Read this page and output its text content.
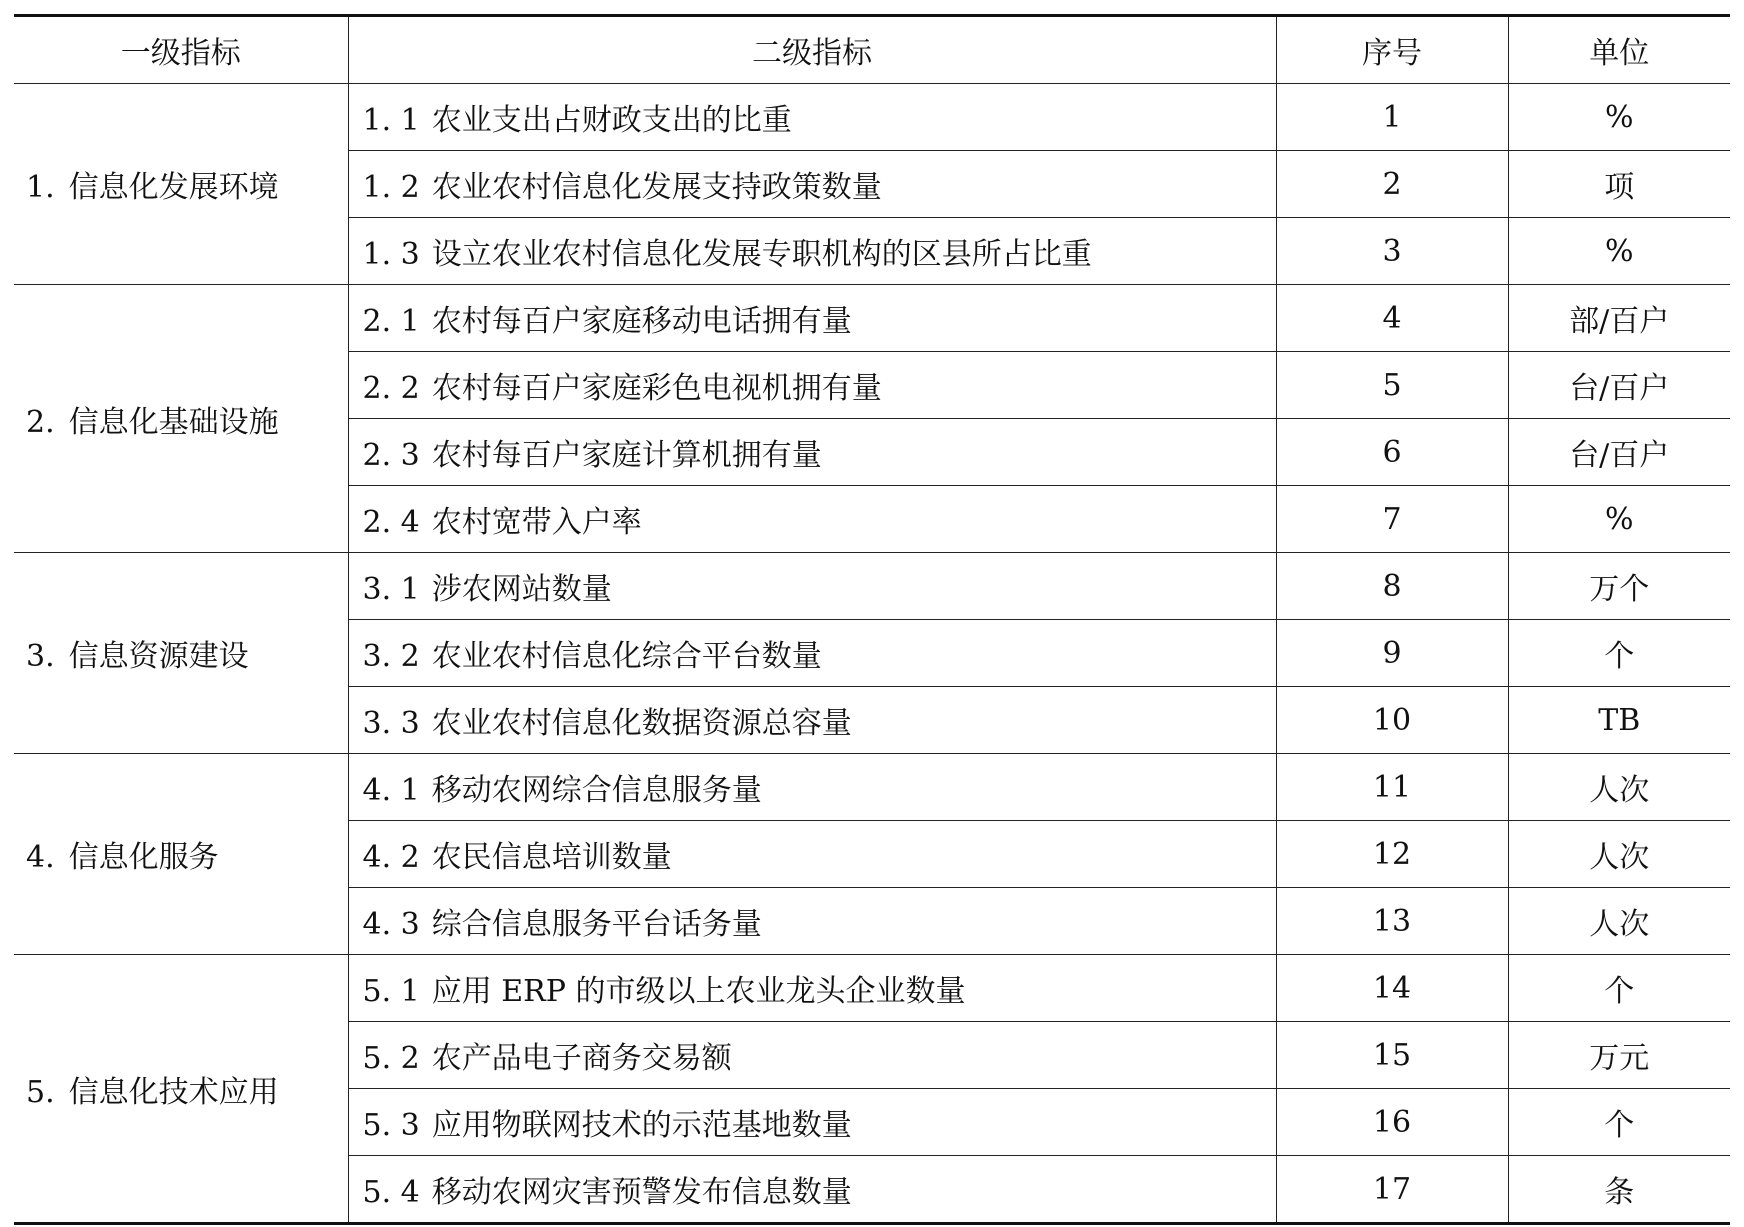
一级指标	二级指标	序号	单位
1. 信息化发展环境	1. 1 农业支出占财政支出的比重	1	%
	1. 2 农业农村信息化发展支持政策数量	2	项
	1. 3 设立农业农村信息化发展专职机构的区县所占比重	3	%
2. 信息化基础设施	2. 1 农村每百户家庭移动电话拥有量	4	部/百户
	2. 2 农村每百户家庭彩色电视机拥有量	5	台/百户
	2. 3 农村每百户家庭计算机拥有量	6	台/百户
	2. 4 农村宽带入户率	7	%
3. 信息资源建设	3. 1 涉农网站数量	8	万个
	3. 2 农业农村信息化综合平台数量	9	个
	3. 3 农业农村信息化数据资源总容量	10	TB
4. 信息化服务	4. 1 移动农网综合信息服务量	11	人次
	4. 2 农民信息培训数量	12	人次
	4. 3 综合信息服务平台话务量	13	人次
5. 信息化技术应用	5. 1 应用 ERP 的市级以上农业龙头企业数量	14	个
	5. 2 农产品电子商务交易额	15	万元
	5. 3 应用物联网技术的示范基地数量	16	个
	5. 4 移动农网灾害预警发布信息数量	17	条
